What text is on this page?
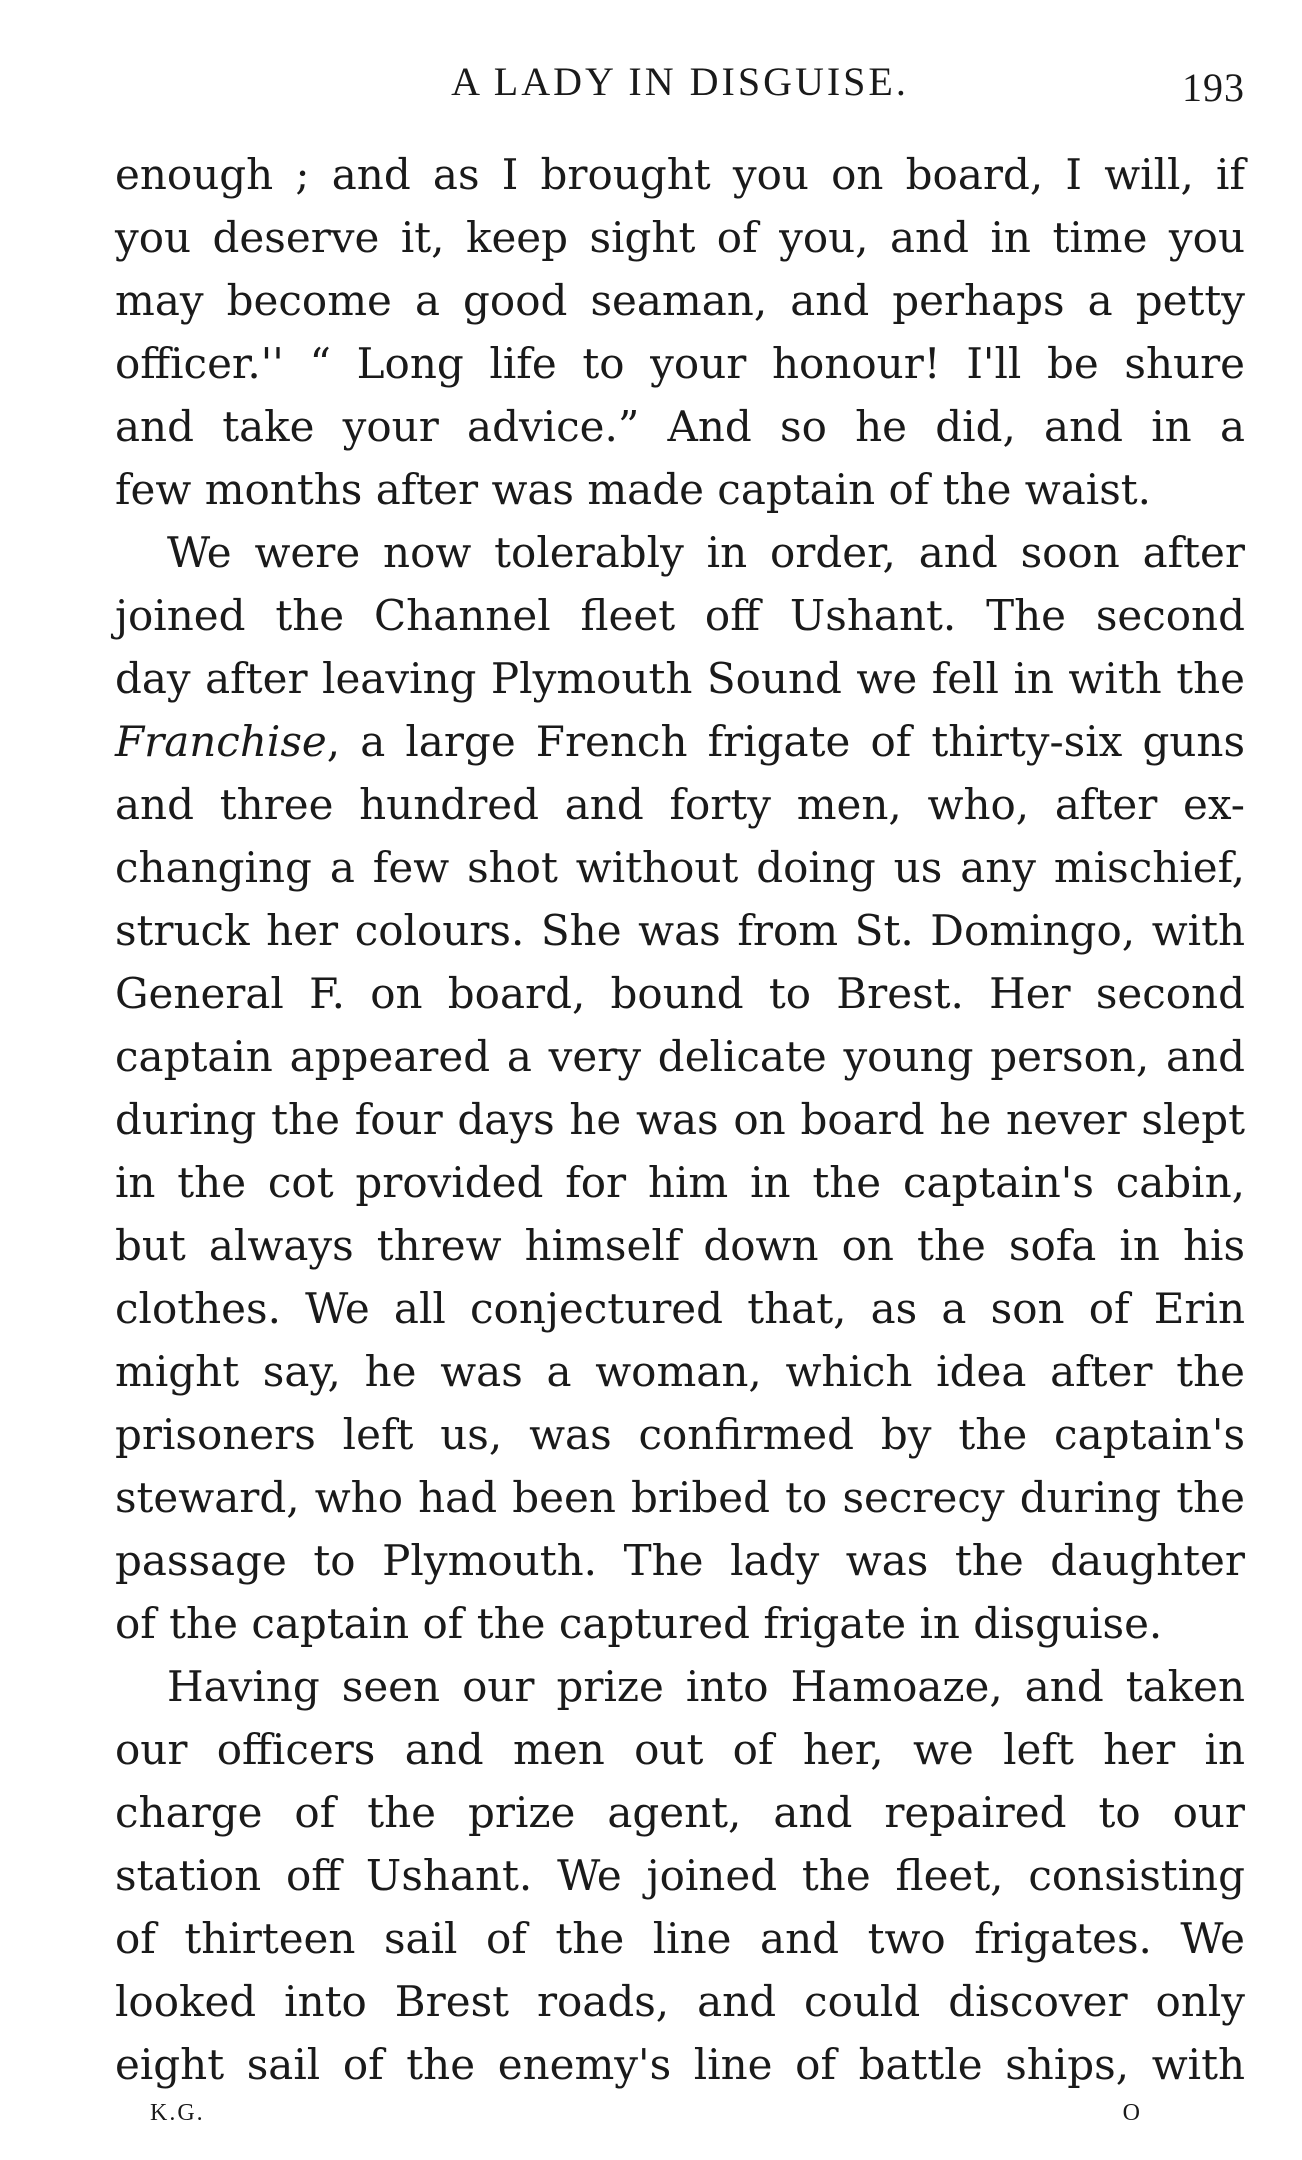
A LADY IN DISGUISE.	193
enough ; and as I brought you on board, I will, if
you deserve it, keep sight of you, and in time you
may become a good seaman, and perhaps a petty
officer.'' “ Long life to your honour! I'll be shure
and take your advice.” And so he did, and in a
few months after was made captain of the waist.
We were now tolerably in order, and soon after
joined the Channel fleet off Ushant. The second
day after leaving Plymouth Sound we fell in with the
Franchise, a large French frigate of thirty-six guns
and three hundred and forty men, who, after ex-
changing a few shot without doing us any mischief,
struck her colours. She was from St. Domingo, with
General F. on board, bound to Brest. Her second
captain appeared a very delicate young person, and
during the four days he was on board he never slept
in the cot provided for him in the captain's cabin,
but always threw himself down on the sofa in his
clothes. We all conjectured that, as a son of Erin
might say, he was a woman, which idea after the
prisoners left us, was confirmed by the captain's
steward, who had been bribed to secrecy during the
passage to Plymouth. The lady was the daughter
of the captain of the captured frigate in disguise.
Having seen our prize into Hamoaze, and taken
our officers and men out of her, we left her in
charge of the prize agent, and repaired to our
station off Ushant. We joined the fleet, consisting
of thirteen sail of the line and two frigates. We
looked into Brest roads, and could discover only
eight sail of the enemy's line of battle ships, with
K.G.	O
